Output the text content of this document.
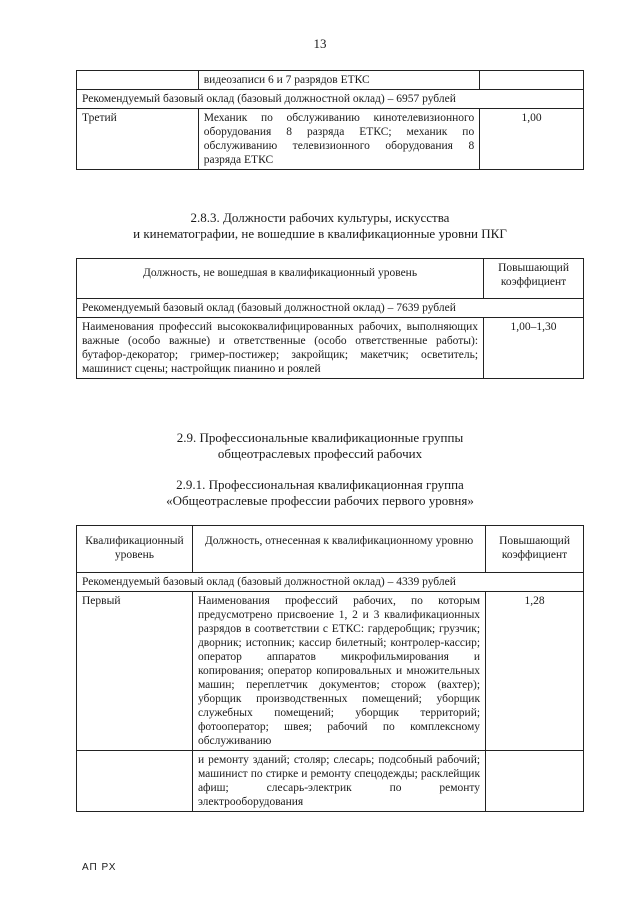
13
	видеозаписи 6 и 7 разрядов ЕТКС	
Рекомендуемый базовый оклад (базовый должностной оклад) – 6957 рублей		
Третий	Механик по обслуживанию кинотелевизионного оборудования 8 разряда ЕТКС; механик по обслуживанию телевизионного оборудования 8 разряда ЕТКС	1,00
2.8.3. Должности рабочих культуры, искусства
и кинематографии, не вошедшие в квалификационные уровни ПКГ
Должность, не вошедшая в квалификационный уровень	Повышающий коэффициент
Рекомендуемый базовый оклад (базовый должностной оклад) – 7639 рублей	
Наименования профессий высококвалифицированных рабочих, выполняющих важные (особо важные) и ответственные (особо ответственные работы): бутафор-декоратор; гример-постижер; закройщик; макетчик; осветитель; машинист сцены; настройщик пианино и роялей	1,00–1,30
2.9. Профессиональные квалификационные группы
общеотраслевых профессий рабочих
2.9.1. Профессиональная квалификационная группа
«Общеотраслевые профессии рабочих первого уровня»
Квалификационный уровень	Должность, отнесенная к квалификационному уровню	Повышающий коэффициент
Рекомендуемый базовый оклад (базовый должностной оклад) – 4339 рублей		
Первый	Наименования профессий рабочих, по которым предусмотрено присвоение 1, 2 и 3 квалификационных разрядов в соответствии с ЕТКС: гардеробщик; грузчик; дворник; истопник; кассир билетный; контролер-кассир; оператор аппаратов микрофильмирования и копирования; оператор копировальных и множительных машин; переплетчик документов; сторож (вахтер); уборщик производственных помещений; уборщик служебных помещений; уборщик территорий; фотооператор; швея; рабочий по комплексному обслуживанию	1,28
	и ремонту зданий; столяр; слесарь; подсобный рабочий; машинист по стирке и ремонту спецодежды; расклейщик афиш; слесарь-электрик по ремонту электрооборудования	
АП РХ
